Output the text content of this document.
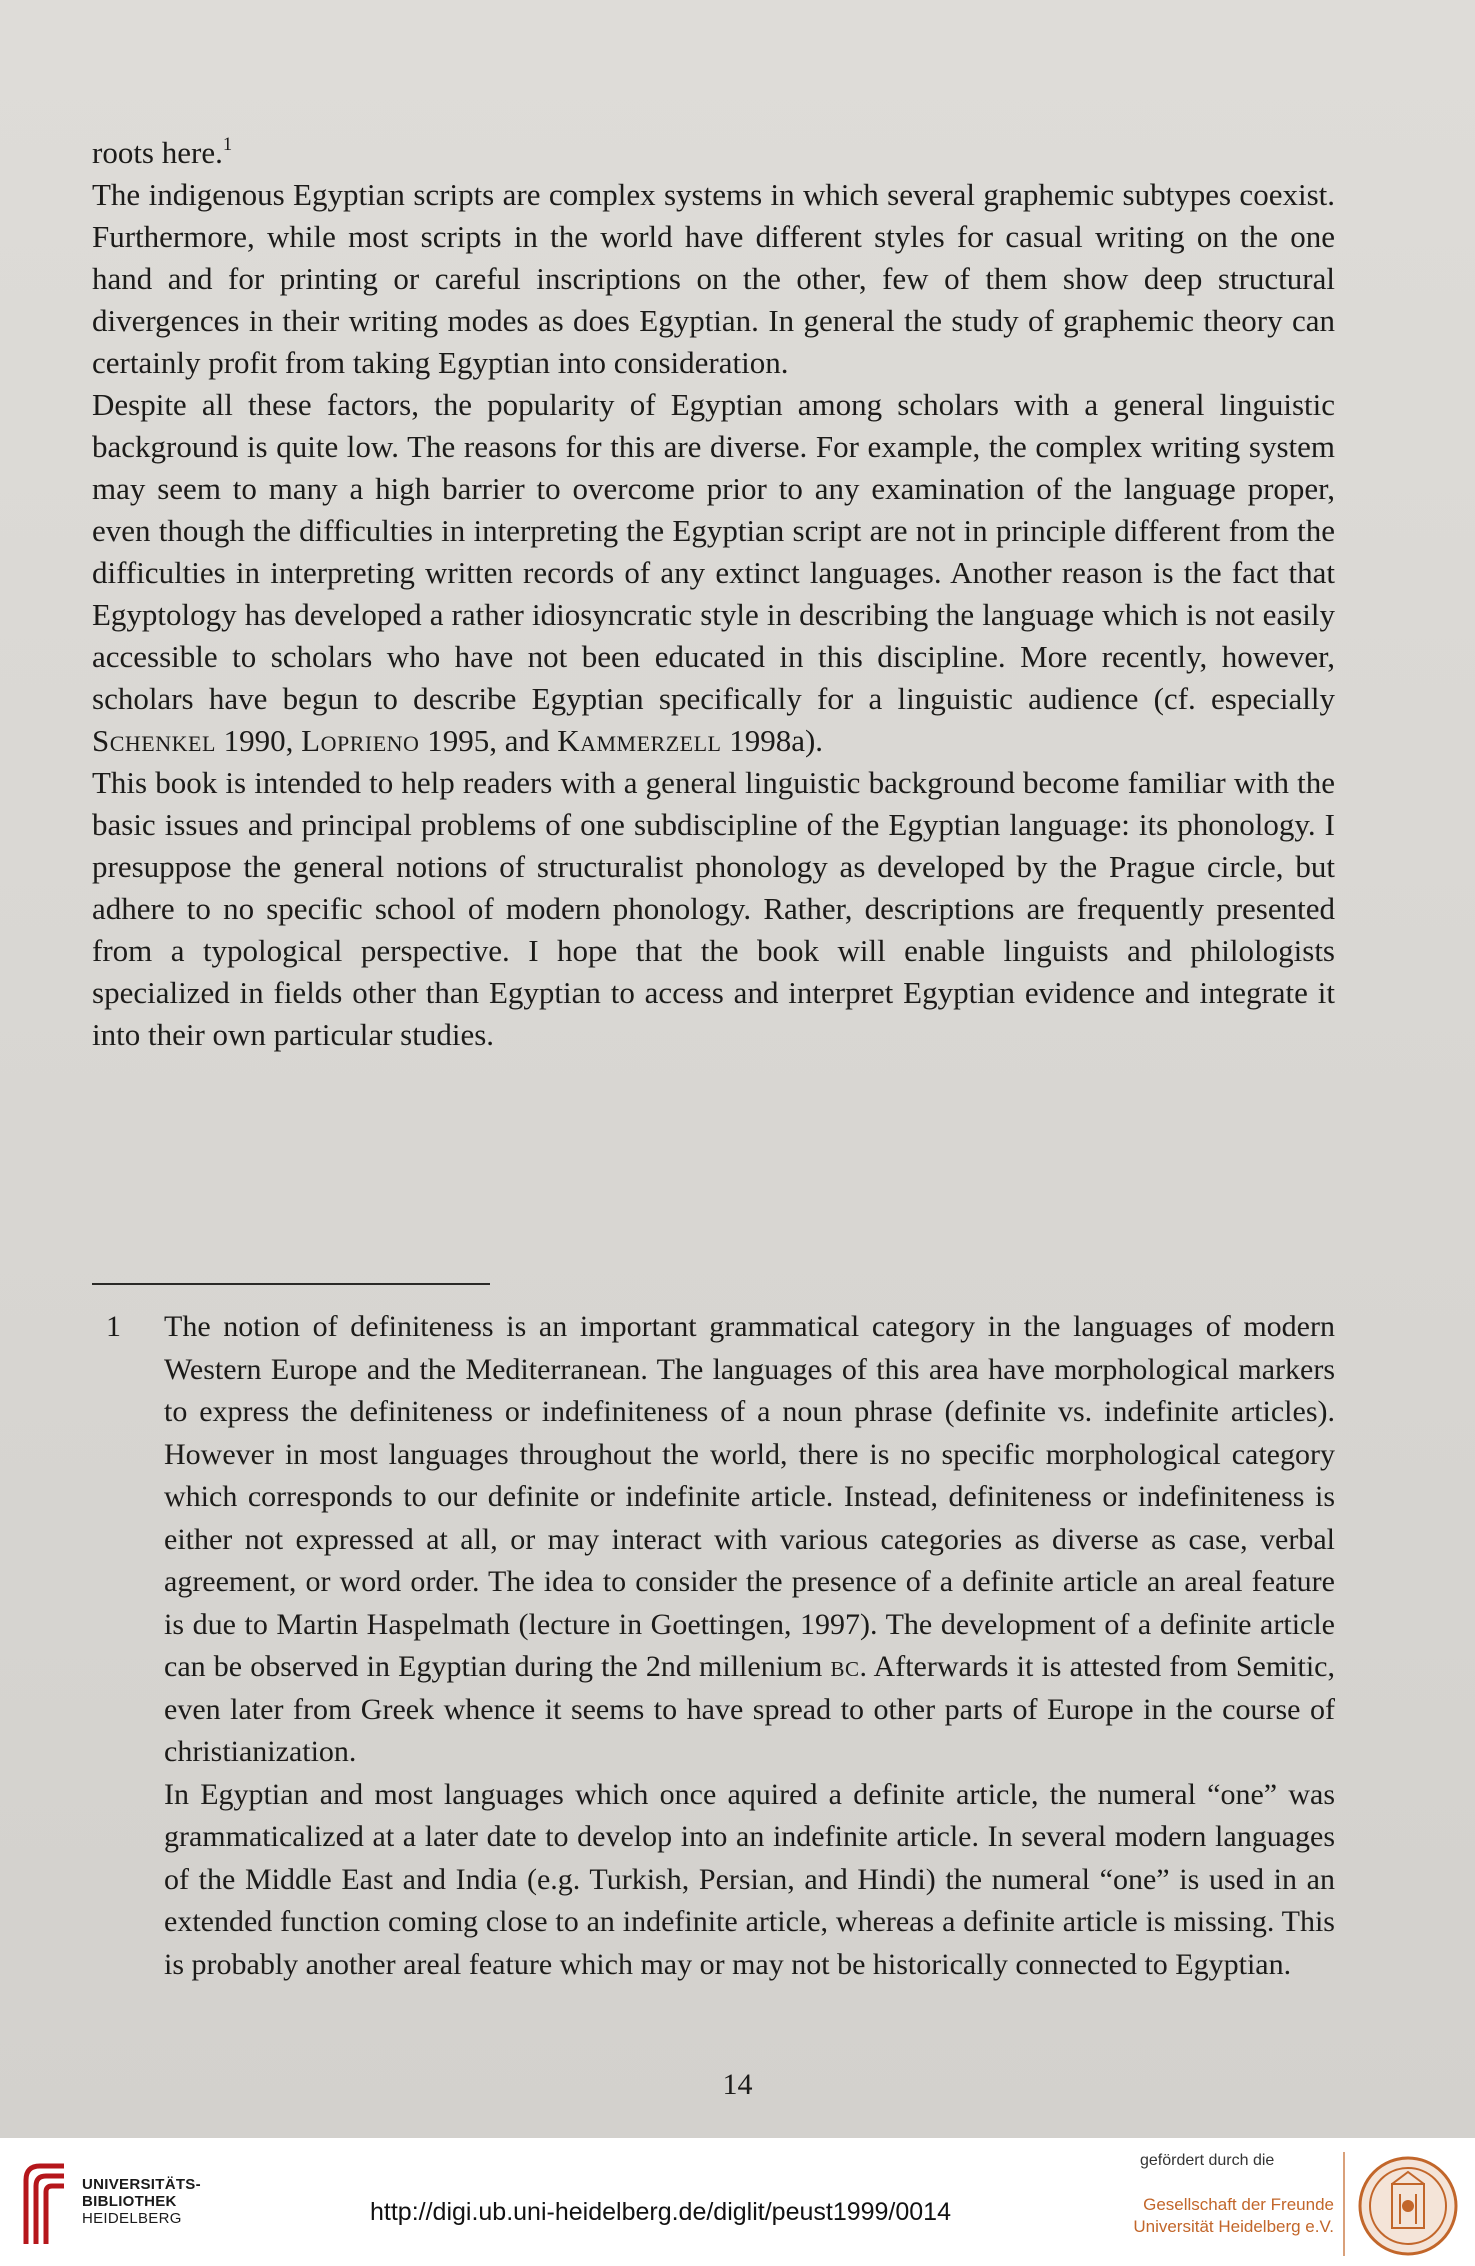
roots here.$^1$

The indigenous Egyptian scripts are complex systems in which several graphemic subtypes coexist. Furthermore, while most scripts in the world have different styles for casual writing on the one hand and for printing or careful inscriptions on the other, few of them show deep structural divergences in their writing modes as does Egyptian. In general the study of graphemic theory can certainly profit from taking Egyptian into consideration.

Despite all these factors, the popularity of Egyptian among scholars with a general linguistic background is quite low. The reasons for this are diverse. For example, the complex writing system may seem to many a high barrier to overcome prior to any examination of the language proper, even though the difficulties in interpreting the Egyptian script are not in principle different from the difficulties in interpreting written records of any extinct languages. Another reason is the fact that Egyptology has developed a rather idiosyncratic style in describing the language which is not easily accessible to scholars who have not been educated in this discipline. More recently, however, scholars have begun to describe Egyptian specifically for a linguistic audience (cf. especially Schenkel 1990, Loprieno 1995, and Kammerzell 1998a).

This book is intended to help readers with a general linguistic background become familiar with the basic issues and principal problems of one subdiscipline of the Egyptian language: its phonology. I presuppose the general notions of structuralist phonology as developed by the Prague circle, but adhere to no specific school of modern phonology. Rather, descriptions are frequently presented from a typological perspective. I hope that the book will enable linguists and philologists specialized in fields other than Egyptian to access and interpret Egyptian evidence and integrate it into their own particular studies.

1 The notion of definiteness is an important grammatical category in the languages of modern Western Europe and the Mediterranean. The languages of this area have morphological markers to express the definiteness or indefiniteness of a noun phrase (definite vs. indefinite articles). However in most languages throughout the world, there is no specific morphological category which corresponds to our definite or indefinite article. Instead, definiteness or indefiniteness is either not expressed at all, or may interact with various categories as diverse as case, verbal agreement, or word order. The idea to consider the presence of a definite article an areal feature is due to Martin Haspelmath (lecture in Goettingen, 1997). The development of a definite article can be observed in Egyptian during the 2nd millenium bc. Afterwards it is attested from Semitic, even later from Greek whence it seems to have spread to other parts of Europe in the course of christianization.

In Egyptian and most languages which once aquired a definite article, the numeral “one” was grammaticalized at a later date to develop into an indefinite article. In several modern languages of the Middle East and India (e.g. Turkish, Persian, and Hindi) the numeral “one” is used in an extended function coming close to an indefinite article, whereas a definite article is missing. This is probably another areal feature which may or may not be historically connected to Egyptian.

14
UNIVERSITÄTS-
BIBLIOTHEK
HEIDELBERG	http://digi.ub.uni-heidelberg.de/diglit/peust1999/0014
gefördert durch die
Gesellschaft der Freunde
Universität Heidelberg e.V.
